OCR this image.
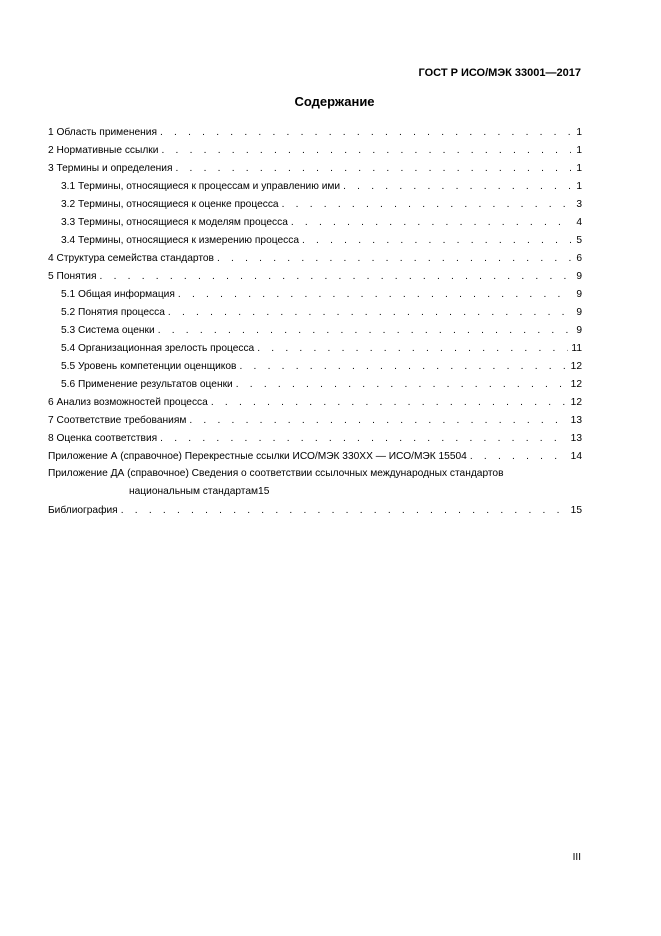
ГОСТ Р ИСО/МЭК 33001—2017
Содержание
1 Область применения . . .	1
2 Нормативные ссылки . . .	1
3 Термины и определения . . .	1
3.1 Термины, относящиеся к процессам и управлению ими . . .	1
3.2 Термины, относящиеся к оценке процесса . . .	3
3.3 Термины, относящиеся к моделям процесса . . .	4
3.4 Термины, относящиеся к измерению процесса . . .	5
4 Структура семейства стандартов . . .	6
5 Понятия . . .	9
5.1 Общая информация . . .	9
5.2 Понятия процесса . . .	9
5.3 Система оценки . . .	9
5.4 Организационная зрелость процесса . . .	11
5.5 Уровень компетенции оценщиков . . .	12
5.6 Применение результатов оценки . . .	12
6 Анализ возможностей процесса . . .	12
7 Соответствие требованиям . . .	13
8 Оценка соответствия . . .	13
Приложение А (справочное) Перекрестные ссылки ИСО/МЭК 330XX — ИСО/МЭК 15504 . . .	14
Приложение ДА (справочное) Сведения о соответствии ссылочных международных стандартов
национальным стандартам 15
Библиография . . .	15
III
